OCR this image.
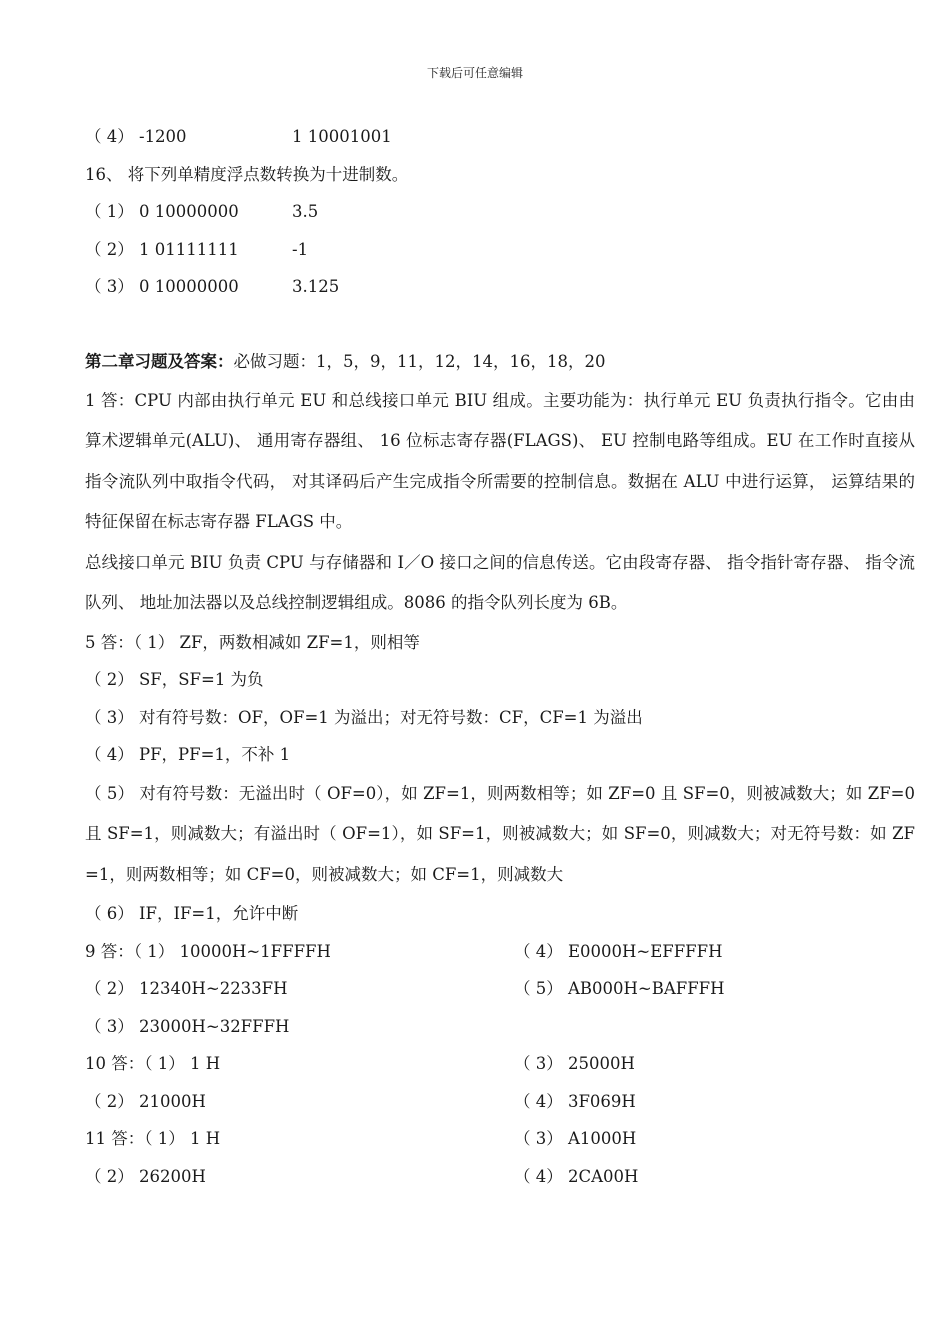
下载后可任意编辑
（ 4） -1200	1 10001001
16、 将下列单精度浮点数转换为十进制数。
（ 1） 0 10000000	3.5
（ 2） 1 01111111	-1
（ 3） 0 10000000	3.125
第二章习题及答案：必做习题：1，5，9，11，12，14，16，18，20
1 答：CPU 内部由执行单元 EU 和总线接口单元 BIU 组成。主要功能为：执行单元 EU 负责执行指令。它由由算术逻辑单元(ALU)、 通用寄存器组、 16 位标志寄存器(FLAGS)、 EU 控制电路等组成。EU 在工作时直接从指令流队列中取指令代码， 对其译码后产生完成指令所需要的控制信息。数据在 ALU 中进行运算， 运算结果的特征保留在标志寄存器 FLAGS 中。
总线接口单元 BIU 负责 CPU 与存储器和 I／O 接口之间的信息传送。它由段寄存器、 指令指针寄存器、 指令流队列、 地址加法器以及总线控制逻辑组成。8086 的指令队列长度为 6B。
5 答：（ 1） ZF，两数相减如 ZF=1，则相等
（ 2） SF，SF=1 为负
（ 3） 对有符号数：OF，OF=1 为溢出；对无符号数：CF，CF=1 为溢出
（ 4） PF，PF=1，不补 1
（ 5） 对有符号数：无溢出时（ OF=0），如 ZF=1，则两数相等；如 ZF=0 且 SF=0，则被减数大；如 ZF=0 且 SF=1，则减数大；有溢出时（ OF=1），如 SF=1，则被减数大；如 SF=0，则减数大；对无符号数：如 ZF=1，则两数相等；如 CF=0，则被减数大；如 CF=1，则减数大
（ 6） IF，IF=1，允许中断
9 答：（ 1） 10000H~1FFFFH	（ 4） E0000H~EFFFFH
（ 2） 12340H~2233FH	（ 5） AB000H~BAFFFH
（ 3） 23000H~32FFFH
10 答：（ 1） 1 H	（ 3） 25000H
（ 2） 21000H	（ 4） 3F069H
11 答：（ 1） 1 H	（ 3） A1000H
（ 2） 26200H	（ 4） 2CA00H
